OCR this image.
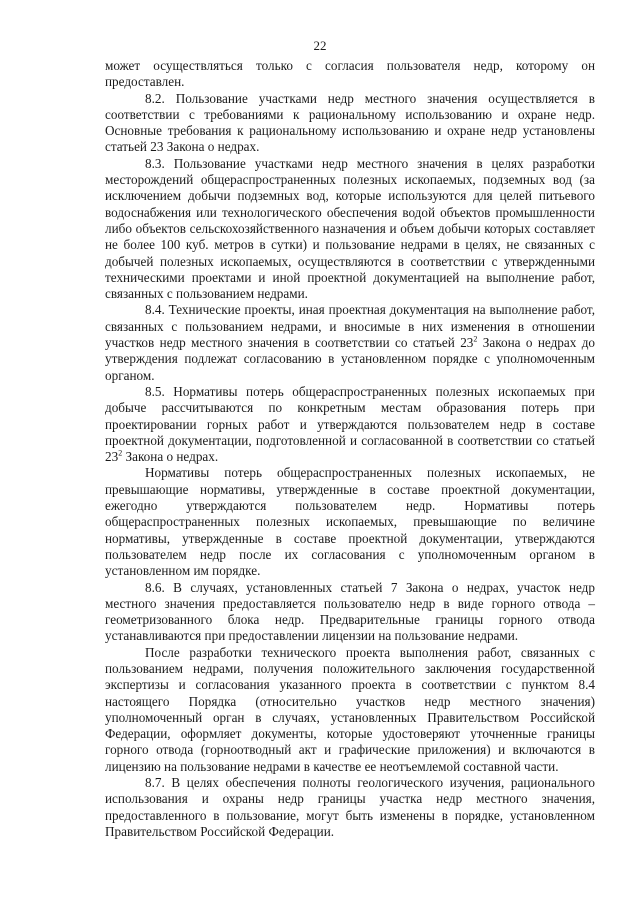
22

может осуществляться только с согласия пользователя недр, которому он предоставлен.

8.2. Пользование участками недр местного значения осуществляется в соответствии с требованиями к рациональному использованию и охране недр. Основные требования к рациональному использованию и охране недр установлены статьей 23 Закона о недрах.

8.3. Пользование участками недр местного значения в целях разработки месторождений общераспространенных полезных ископаемых, подземных вод (за исключением добычи подземных вод, которые используются для целей питьевого водоснабжения или технологического обеспечения водой объектов промышленности либо объектов сельскохозяйственного назначения и объем добычи которых составляет не более 100 куб. метров в сутки) и пользование недрами в целях, не связанных с добычей полезных ископаемых, осуществляются в соответствии с утвержденными техническими проектами и иной проектной документацией на выполнение работ, связанных с пользованием недрами.

8.4. Технические проекты, иная проектная документация на выполнение работ, связанных с пользованием недрами, и вносимые в них изменения в отношении участков недр местного значения в соответствии со статьей $23^2$ Закона о недрах до утверждения подлежат согласованию в установленном порядке с уполномоченным органом.

8.5. Нормативы потерь общераспространенных полезных ископаемых при добыче рассчитываются по конкретным местам образования потерь при проектировании горных работ и утверждаются пользователем недр в составе проектной документации, подготовленной и согласованной в соответствии со статьей $23^2$ Закона о недрах.

Нормативы потерь общераспространенных полезных ископаемых, не превышающие нормативы, утвержденные в составе проектной документации, ежегодно утверждаются пользователем недр. Нормативы потерь общераспространенных полезных ископаемых, превышающие по величине нормативы, утвержденные в составе проектной документации, утверждаются пользователем недр после их согласования с уполномоченным органом в установленном им порядке.

8.6. В случаях, установленных статьей 7 Закона о недрах, участок недр местного значения предоставляется пользователю недр в виде горного отвода – геометризованного блока недр. Предварительные границы горного отвода устанавливаются при предоставлении лицензии на пользование недрами.

После разработки технического проекта выполнения работ, связанных с пользованием недрами, получения положительного заключения государственной экспертизы и согласования указанного проекта в соответствии с пунктом 8.4 настоящего Порядка (относительно участков недр местного значения) уполномоченный орган в случаях, установленных Правительством Российской Федерации, оформляет документы, которые удостоверяют уточненные границы горного отвода (горноотводный акт и графические приложения) и включаются в лицензию на пользование недрами в качестве ее неотъемлемой составной части.

8.7. В целях обеспечения полноты геологического изучения, рационального использования и охраны недр границы участка недр местного значения, предоставленного в пользование, могут быть изменены в порядке, установленном Правительством Российской Федерации.
